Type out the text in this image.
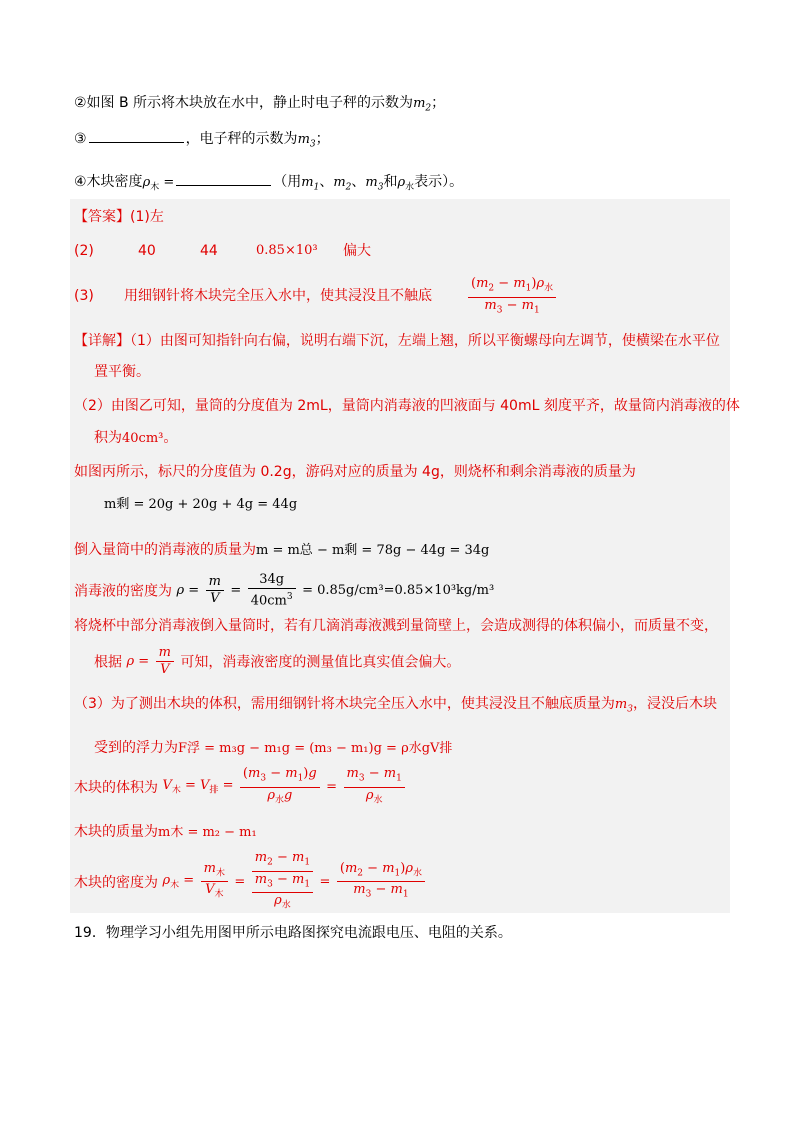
②如图 B 所示将木块放在水中，静止时电子秤的示数为$m_2$；
③	，电子秤的示数为$m_3$；
④木块密度$\rho_木$ =	（用$m_1$、$m_2$、$m_3$和$\rho_水$表示）。
【答案】(1)左
(2)	40	44	0.85×10³ 偏大
(3) 用细钢针将木块完全压入水中，使其浸没且不触底	$\frac{(m_2 - m_1)\rho_水}{m_3 - m_1}$
【详解】（1）由图可知指针向右偏，说明右端下沉，左端上翘，所以平衡螺母向左调节，使横梁在水平位
置平衡。
（2）由图乙可知，量筒的分度值为 2mL，量筒内消毒液的凹液面与 40mL 刻度平齐，故量筒内消毒液的体
积为40cm³。
如图丙所示，标尺的分度值为 0.2g，游码对应的质量为 4g，则烧杯和剩余消毒液的质量为
m剩 = 20g + 20g + 4g = 44g
倒入量筒中的消毒液的质量为m = m总 − m剩 = 78g − 44g = 34g
消毒液的密度为 $\rho = \frac{m}{V} = \frac{34g}{40cm^3} = 0.85g/cm^3=0.85\times 10^3kg/m^3$
将烧杯中部分消毒液倒入量筒时，若有几滴消毒液溅到量筒壁上，会造成测得的体积偏小，而质量不变，
根据 $\rho = \frac{m}{V}$ 可知，消毒液密度的测量值比真实值会偏大。
（3）为了测出木块的体积，需用细钢针将木块完全压入水中，使其浸没且不触底质量为$m_3$，浸没后木块
受到的浮力为F浮 = m₃g − m₁g = (m₃ − m₁)g = ρ水gV排
木块的体积为 $V_木 = V_排 = \frac{(m_3 - m_1)g}{\rho_水g} = \frac{m_3 - m_1}{\rho_水}$
木块的质量为m木 = m₂ − m₁
木块的密度为 $\rho_木 = \frac{m_木}{V_木}$ =
$m_2 - m_1$
$m_3 - m_1$
$\rho_水$
= $\frac{(m_2 - m_1)\rho_水}{m_3 - m_1}$
19．物理学习小组先用图甲所示电路图探究电流跟电压、电阻的关系。
